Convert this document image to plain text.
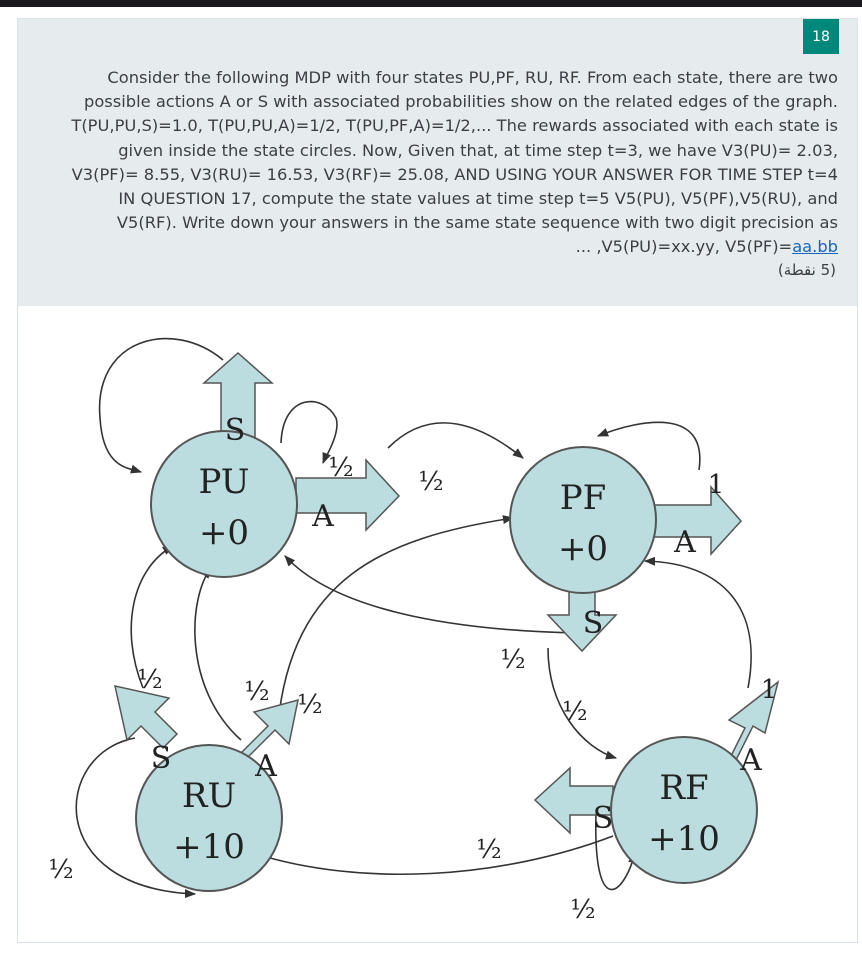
18
Consider the following MDP with four states PU,PF, RU, RF. From each state, there are two
possible actions A or S with associated probabilities show on the related edges of the graph.
T(PU,PU,S)=1.0, T(PU,PU,A)=1/2, T(PU,PF,A)=1/2,... The rewards associated with each state is
given inside the state circles. Now, Given that, at time step t=3, we have V3(PU)= 2.03,
V3(PF)= 8.55, V3(RU)= 16.53, V3(RF)= 25.08, AND USING YOUR ANSWER FOR TIME STEP t=4
IN QUESTION 17, compute the state values at time step t=5 V5(PU), V5(PF),V5(RU), and
V5(RF). Write down your answers in the same state sequence with two digit precision as
... ,V5(PU)=xx.yy, V5(PF)=aa.bb
(5 نقطة)
PU
+0
PF
+0
RU
+10
RF
+10
S
A
A
S
S	A	A
S
½ ½	1
½
½
1
½	½ ½
½
½
½
